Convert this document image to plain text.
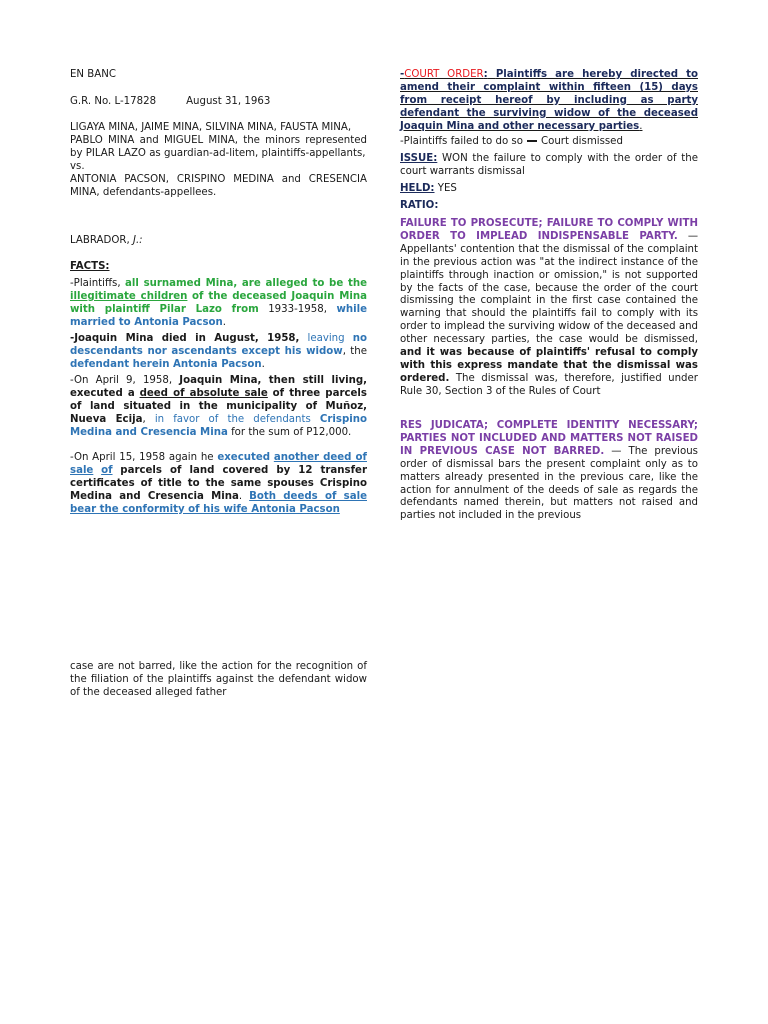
EN BANC

G.R. No. L-17828	August 31, 1963

LIGAYA MINA, JAIME MINA, SILVINA MINA, FAUSTA MINA,

PABLO MINA and MIGUEL MINA, the minors represented by PILAR LAZO as guardian-ad-litem, plaintiffs-appellants,

vs.

ANTONIA PACSON, CRISPINO MEDINA and CRESENCIA MINA, defendants-appellees.

LABRADOR, J.:

FACTS:

-Plaintiffs, all surnamed Mina, are alleged to be the illegitimate children of the deceased Joaquin Mina with plaintiff Pilar Lazo from 1933-1958, while married to Antonia Pacson.

-Joaquin Mina died in August, 1958, leaving no descendants nor ascendants except his widow, the defendant herein Antonia Pacson.

-On April 9, 1958, Joaquin Mina, then still living, executed a deed of absolute sale of three parcels of land situated in the municipality of Muñoz, Nueva Ecija, in favor of the defendants Crispino Medina and Cresencia Mina for the sum of P12,000.

-On April 15, 1958 again he executed another deed of sale of parcels of land covered by 12 transfer certificates of title to the same spouses Crispino Medina and Cresencia Mina. Both deeds of sale bear the conformity of his wife Antonia Pacson

-COURT ORDER: Plaintiffs are hereby directed to amend their complaint within fifteen (15) days from receipt hereof by including as party defendant the surviving widow of the deceased Joaquin Mina and other necessary parties.

-Plaintiffs failed to do so Court dismissed

ISSUE: WON the failure to comply with the order of the court warrants dismissal

HELD: YES

RATIO:

FAILURE TO PROSECUTE; FAILURE TO COMPLY WITH ORDER TO IMPLEAD INDISPENSABLE PARTY. — Appellants' contention that the dismissal of the complaint in the previous action was "at the indirect instance of the plaintiffs through inaction or omission," is not supported by the facts of the case, because the order of the court dismissing the complaint in the first case contained the warning that should the plaintiffs fail to comply with its order to implead the surviving widow of the deceased and other necessary parties, the case would be dismissed, and it was because of plaintiffs' refusal to comply with this express mandate that the dismissal was ordered. The dismissal was, therefore, justified under Rule 30, Section 3 of the Rules of Court

RES JUDICATA; COMPLETE IDENTITY NECESSARY; PARTIES NOT INCLUDED AND MATTERS NOT RAISED IN PREVIOUS CASE NOT BARRED. — The previous order of dismissal bars the present complaint only as to matters already presented in the previous care, like the action for annulment of the deeds of sale as regards the defendants named therein, but matters not raised and parties not included in the previous

case are not barred, like the action for the recognition of the filiation of the plaintiffs against the defendant widow of the deceased alleged father
